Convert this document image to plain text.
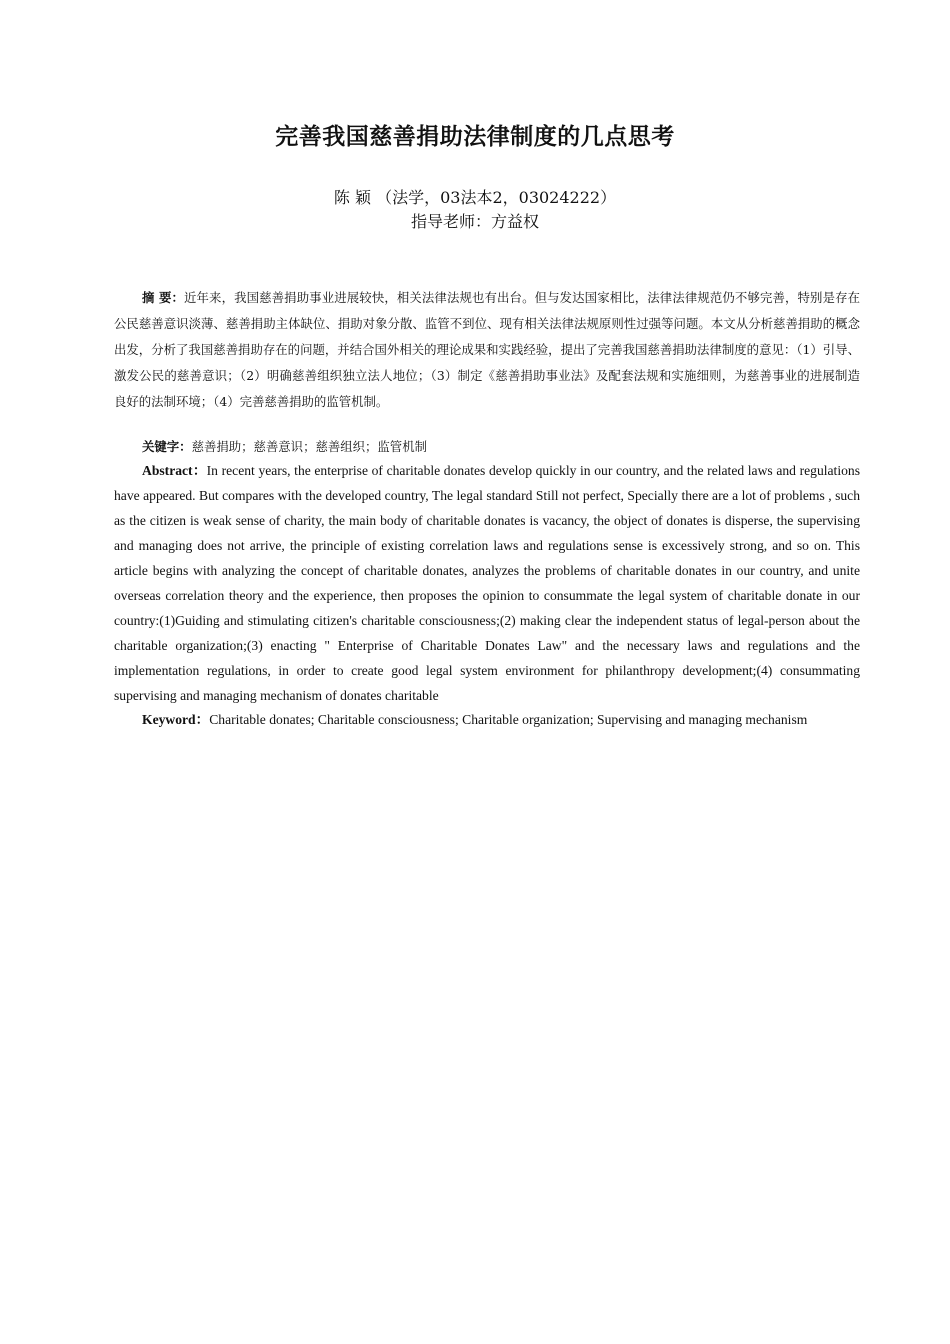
完善我国慈善捐助法律制度的几点思考
陈 颖 （法学，03法本2，03024222）
指导老师：方益权
摘 要：近年来，我国慈善捐助事业进展较快，相关法律法规也有出台。但与发达国家相比，法律法律规范仍不够完善，特别是存在公民慈善意识淡薄、慈善捐助主体缺位、捐助对象分散、监管不到位、现有相关法律法规原则性过强等问题。本文从分析慈善捐助的概念出发，分析了我国慈善捐助存在的问题，并结合国外相关的理论成果和实践经验，提出了完善我国慈善捐助法律制度的意见：（1）引导、激发公民的慈善意识；（2）明确慈善组织独立法人地位；（3）制定《慈善捐助事业法》及配套法规和实施细则，为慈善事业的进展制造良好的法制环境；（4）完善慈善捐助的监管机制。
关键字：慈善捐助；慈善意识；慈善组织；监管机制
Abstract：In recent years, the enterprise of charitable donates develop quickly in our country, and the related laws and regulations have appeared. But compares with the developed country, The legal standard Still not perfect, Specially there are a lot of problems , such as the citizen is weak sense of charity, the main body of charitable donates is vacancy, the object of donates is disperse, the supervising and managing does not arrive, the principle of existing correlation laws and regulations sense is excessively strong, and so on. This article begins with analyzing the concept of charitable donates, analyzes the problems of charitable donates in our country, and unite overseas correlation theory and the experience, then proposes the opinion to consummate the legal system of charitable donate in our country:(1)Guiding and stimulating citizen's charitable consciousness;(2) making clear the independent status of legal-person about the charitable organization;(3) enacting " Enterprise of Charitable Donates Law" and the necessary laws and regulations and the implementation regulations, in order to create good legal system environment for philanthropy development;(4) consummating supervising and managing mechanism of donates charitable
Keyword：Charitable donates; Charitable consciousness; Charitable organization; Supervising and managing mechanism
